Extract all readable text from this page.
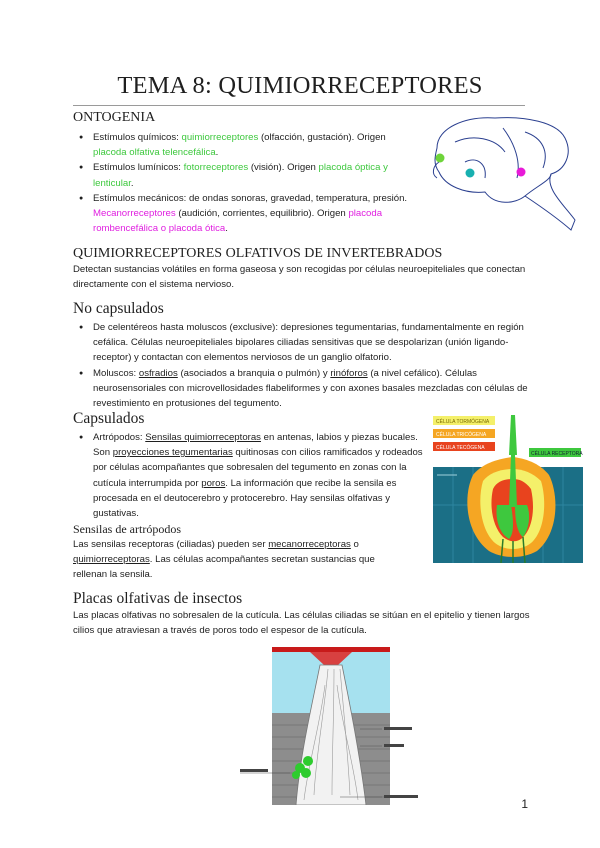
TEMA 8: QUIMIORRECEPTORES
ONTOGENIA
● Estímulos químicos: quimiorreceptores (olfacción, gustación). Origen placoda olfativa telencefálica.
● Estímulos lumínicos: fotorreceptores (visión). Origen placoda óptica y lenticular.
● Estímulos mecánicos: de ondas sonoras, gravedad, temperatura, presión. Mecanorreceptores (audición, corrientes, equilibrio). Origen placoda rombencefálica o placoda ótica.
QUIMIORRECEPTORES OLFATIVOS DE INVERTEBRADOS
Detectan sustancias volátiles en forma gaseosa y son recogidas por células neuroepiteliales que conectan directamente con el sistema nervioso.
No capsulados
● De celentéreos hasta moluscos (exclusive): depresiones tegumentarias, fundamentalmente en región cefálica. Células neuroepiteliales bipolares ciliadas sensitivas que se despolarizan (unión ligando-receptor) y contactan con elementos nerviosos de un ganglio olfatorio.
● Moluscos: osfradios (asociados a branquia o pulmón) y rinóforos (a nivel cefálico). Células neurosensoriales con microvellosidades flabeliformes y con axones basales mezcladas con células de revestimiento en protusiones del tegumento.
Capsulados
● Artrópodos: Sensilas quimiorreceptoras en antenas, labios y piezas bucales. Son proyecciones tegumentarias quitinosas con cilios ramificados y rodeados por células acompañantes que sobresalen del tegumento en zonas con la cutícula interrumpida por poros. La información que recibe la sensila es procesada en el deutocerebro y protocerebro. Hay sensilas olfativas y gustativas.
CÉLULA TORMÓGENA
CÉLULA TRICÓGENA
CÉLULA TECÓGENA
CÉLULA RECEPTORA
Sensilas de artrópodos
Las sensilas receptoras (ciliadas) pueden ser mecanorreceptoras o quimiorreceptoras. Las células acompañantes secretan sustancias que rellenan la sensila.
Placas olfativas de insectos
Las placas olfativas no sobresalen de la cutícula. Las células ciliadas se sitúan en el epitelio y tienen largos cilios que atraviesan a través de poros todo el espesor de la cutícula.
1
